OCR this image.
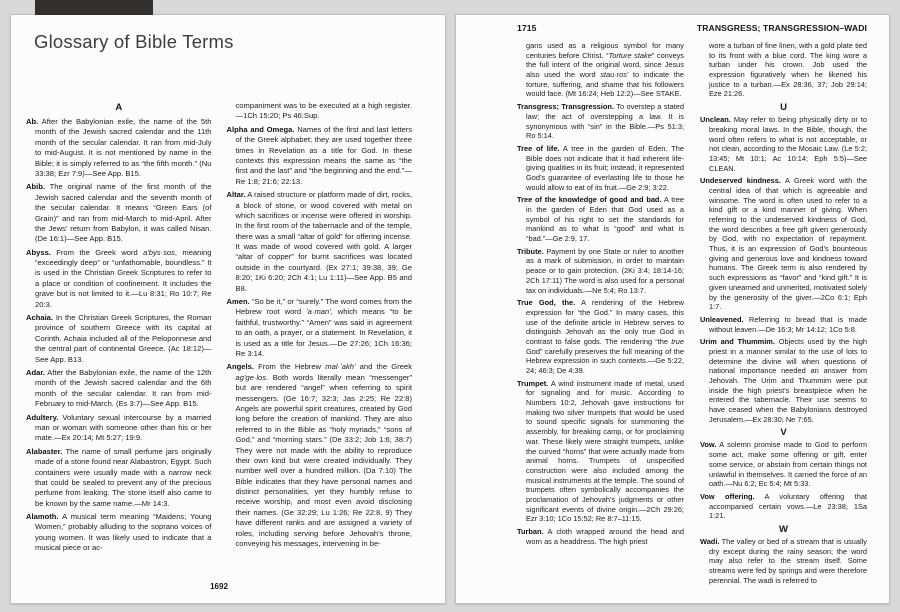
Glossary of Bible Terms
A

Ab. After the Babylonian exile, the name of the 5th month of the Jewish sacred calendar and the 11th month of the secular calendar. It ran from mid-July to mid-August. It is not mentioned by name in the Bible; it is simply referred to as “the fifth month.” (Nu 33:38; Ezr 7:9)—See App. B15.

Abib. The original name of the first month of the Jewish sacred calendar and the seventh month of the secular calendar. It means “Green Ears (of Grain)” and ran from mid-March to mid-April. After the Jews’ return from Babylon, it was called Nisan. (De 16:1)—See App. B15.

Abyss. From the Greek word aʹbys·sos, meaning “exceedingly deep” or “unfathomable, boundless.” It is used in the Christian Greek Scriptures to refer to a place or condition of confinement. It includes the grave but is not limited to it.—Lu 8:31; Ro 10:7; Re 20:3.

Achaia. In the Christian Greek Scriptures, the Roman province of southern Greece with its capital at Corinth. Achaia included all of the Peloponnese and the central part of continental Greece. (Ac 18:12)—See App. B13.

Adar. After the Babylonian exile, the name of the 12th month of the Jewish sacred calendar and the 6th month of the secular calendar. It ran from mid-February to mid-March. (Es 3:7)—See App. B15.

Adultery. Voluntary sexual intercourse by a married man or woman with someone other than his or her mate.—Ex 20:14; Mt 5:27; 19:9.

Alabaster. The name of small perfume jars originally made of a stone found near Alabastron, Egypt. Such containers were usually made with a narrow neck that could be sealed to prevent any of the precious perfume from leaking. The stone itself also came to be known by the same name.—Mr 14:3.

Alamoth. A musical term meaning “Maidens; Young Women,” probably alluding to the soprano voices of young women. It was likely used to indicate that a musical piece or ac-

companiment was to be executed at a high register.—1Ch 15:20; Ps 46:Sup.

Alpha and Omega. Names of the first and last letters of the Greek alphabet; they are used together three times in Revelation as a title for God. In these contexts this expression means the same as “the first and the last” and “the beginning and the end.”—Re 1:8; 21:6; 22:13.

Altar. A raised structure or platform made of dirt, rocks, a block of stone, or wood covered with metal on which sacrifices or incense were offered in worship. In the first room of the tabernacle and of the temple, there was a small “altar of gold” for offering incense. It was made of wood covered with gold. A larger “altar of copper” for burnt sacrifices was located outside in the courtyard. (Ex 27:1; 39:38, 39; Ge 8:20; 1Ki 6:20; 2Ch 4:1; Lu 1:11)—See App. B5 and B8.

Amen. “So be it,” or “surely.” The word comes from the Hebrew root word ʼa·manʹ, which means “to be faithful, trustworthy.” “Amen” was said in agreement to an oath, a prayer, or a statement. In Revelation, it is used as a title for Jesus.—De 27:26; 1Ch 16:36; Re 3:14.

Angels. From the Hebrew mal·ʼakhʹ and the Greek agʹge·los. Both words literally mean “messenger” but are rendered “angel” when referring to spirit messengers. (Ge 16:7; 32:3; Jas 2:25; Re 22:8) Angels are powerful spirit creatures, created by God long before the creation of mankind. They are also referred to in the Bible as “holy myriads,” “sons of God,” and “morning stars.” (De 33:2; Job 1:6; 38:7) They were not made with the ability to reproduce their own kind but were created individually. They number well over a hundred million. (Da 7:10) The Bible indicates that they have personal names and distinct personalities, yet they humbly refuse to receive worship, and most even avoid disclosing their names. (Ge 32:29; Lu 1:26; Re 22:8, 9) They have different ranks and are assigned a variety of roles, including serving before Jehovah’s throne, conveying his messages, intervening in be-

1692
1715	TRANSGRESS; TRANSGRESSION–WADI

gans used as a religious symbol for many centuries before Christ. “Torture stake” conveys the full intent of the original word, since Jesus also used the word stau·rosʹ to indicate the torture, suffering, and shame that his followers would face. (Mt 16:24; Heb 12:2)—See STAKE.

Transgress; Transgression. To overstep a stated law; the act of overstepping a law. It is synonymous with “sin” in the Bible.—Ps 51:3; Ro 5:14.

Tree of life. A tree in the garden of Eden. The Bible does not indicate that it had inherent life-giving qualities in its fruit; instead, it represented God’s guarantee of everlasting life to those he would allow to eat of its fruit.—Ge 2:9; 3:22.

Tree of the knowledge of good and bad. A tree in the garden of Eden that God used as a symbol of his right to set the standards for mankind as to what is “good” and what is “bad.”—Ge 2:9, 17.

Tribute. Payment by one State or ruler to another as a mark of submission, in order to maintain peace or to gain protection. (2Ki 3:4; 18:14-16; 2Ch 17:11) The word is also used for a personal tax on individuals.—Ne 5:4; Ro 13:7.

True God, the. A rendering of the Hebrew expression for “the God.” In many cases, this use of the definite article in Hebrew serves to distinguish Jehovah as the only true God in contrast to false gods. The rendering “the true God” carefully preserves the full meaning of the Hebrew expression in such contexts.—Ge 5:22, 24; 46:3; De 4:39.

Trumpet. A wind instrument made of metal, used for signaling and for music. According to Numbers 10:2, Jehovah gave instructions for making two silver trumpets that would be used to sound specific signals for summoning the assembly, for breaking camp, or for proclaiming war. These likely were straight trumpets, unlike the curved “horns” that were actually made from animal horns. Trumpets of unspecified construction were also included among the musical instruments at the temple. The sound of trumpets often symbolically accompanies the proclamation of Jehovah’s judgments or other significant events of divine origin.—2Ch 29:26; Ezr 3:10; 1Co 15:52; Re 8:7–11:15.

Turban. A cloth wrapped around the head and worn as a headdress. The high priest

wore a turban of fine linen, with a gold plate tied to its front with a blue cord. The king wore a turban under his crown. Job used the expression figuratively when he likened his justice to a turban.—Ex 28:36, 37; Job 29:14; Eze 21:26.

U

Unclean. May refer to being physically dirty or to breaking moral laws. In the Bible, though, the word often refers to what is not acceptable, or not clean, according to the Mosaic Law. (Le 5:2; 13:45; Mt 10:1; Ac 10:14; Eph 5:5)—See CLEAN.

Undeserved kindness. A Greek word with the central idea of that which is agreeable and winsome. The word is often used to refer to a kind gift or a kind manner of giving. When referring to the undeserved kindness of God, the word describes a free gift given generously by God, with no expectation of repayment. Thus, it is an expression of God’s bounteous giving and generous love and kindness toward humans. The Greek term is also rendered by such expressions as “favor” and “kind gift.” It is given unearned and unmerited, motivated solely by the generosity of the giver.—2Co 6:1; Eph 1:7.

Unleavened. Referring to bread that is made without leaven.—De 16:3; Mr 14:12; 1Co 5:8.

Urim and Thummim. Objects used by the high priest in a manner similar to the use of lots to determine the divine will when questions of national importance needed an answer from Jehovah. The Urim and Thummim were put inside the high priest’s breastpiece when he entered the tabernacle. Their use seems to have ceased when the Babylonians destroyed Jerusalem.—Ex 28:30; Ne 7:65.

V

Vow. A solemn promise made to God to perform some act, make some offering or gift, enter some service, or abstain from certain things not unlawful in themselves. It carried the force of an oath.—Nu 6:2; Ec 5:4; Mt 5:33.

Vow offering. A voluntary offering that accompanied certain vows.—Le 23:38; 1Sa 1:21.

W

Wadi. The valley or bed of a stream that is usually dry except during the rainy season; the word may also refer to the stream itself. Some streams were fed by springs and were therefore perennial. The wadi is referred to
